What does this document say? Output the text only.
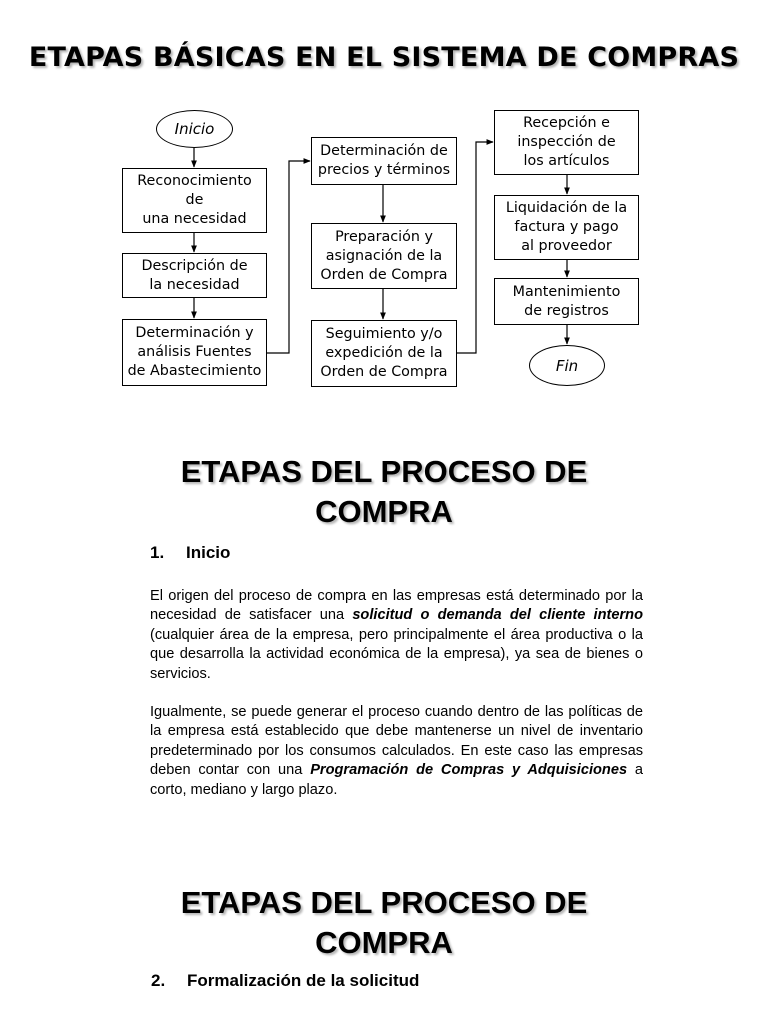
ETAPAS BÁSICAS EN EL SISTEMA DE COMPRAS
Inicio
Reconocimiento
de
una necesidad
Descripción de
la necesidad
Determinación y
análisis Fuentes
de Abastecimiento
Determinación de
precios y términos
Preparación y
asignación de la
Orden de Compra
Seguimiento y/o
expedición de la
Orden de Compra
Recepción e
inspección de
los artículos
Liquidación de la
factura y pago
al proveedor
Mantenimiento
de registros
Fin
ETAPAS DEL PROCESO DE
COMPRA
1. Inicio
El origen del proceso de compra en las empresas está determinado por la necesidad de satisfacer una solicitud o demanda del cliente interno (cualquier área de la empresa, pero principalmente el área productiva o la que desarrolla la actividad económica de la empresa), ya sea de bienes o servicios.
Igualmente, se puede generar el proceso cuando dentro de las políticas de la empresa está establecido que debe mantenerse un nivel de inventario predeterminado por los consumos calculados. En este caso las empresas deben contar con una Programación de Compras y Adquisiciones a corto, mediano y largo plazo.
ETAPAS DEL PROCESO DE
COMPRA
2. Formalización de la solicitud
